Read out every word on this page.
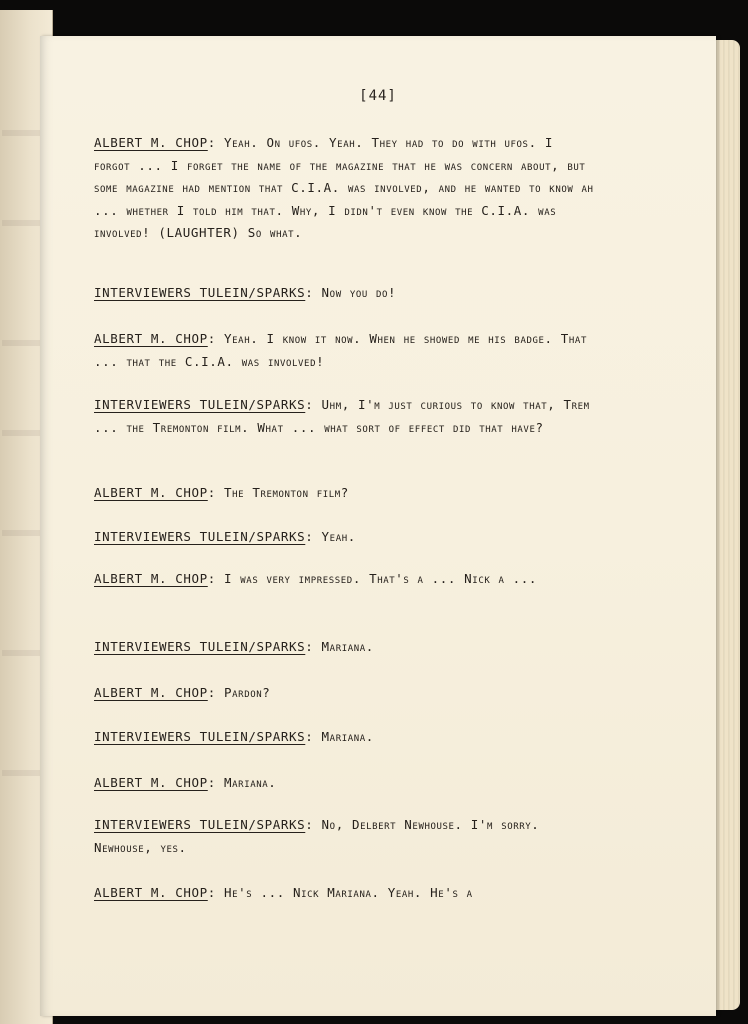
[44]

ALBERT M. CHOP: Yeah. On ufos. Yeah. They had to do with ufos. I forgot ... I forget the name of the magazine that he was concern about, but some magazine had mention that C.I.A. was involved, and he wanted to know ah ... whether I told him that. Why, I didn't even know the C.I.A. was involved! (LAUGHTER) So what.

INTERVIEWERS TULEIN/SPARKS: Now you do!

ALBERT M. CHOP: Yeah. I know it now. When he showed me his badge. That ... that the C.I.A. was involved!

INTERVIEWERS TULEIN/SPARKS: Uhm, I'm just curious to know that, Trem ... the Tremonton film. What ... what sort of effect did that have?

ALBERT M. CHOP: The Tremonton film?

INTERVIEWERS TULEIN/SPARKS: Yeah.

ALBERT M. CHOP: I was very impressed. That's a ... Nick a ...

INTERVIEWERS TULEIN/SPARKS: Mariana.

ALBERT M. CHOP: Pardon?

INTERVIEWERS TULEIN/SPARKS: Mariana.

ALBERT M. CHOP: Mariana.

INTERVIEWERS TULEIN/SPARKS: No, Delbert Newhouse. I'm sorry. Newhouse, yes.

ALBERT M. CHOP: He's ... Nick Mariana. Yeah. He's a
